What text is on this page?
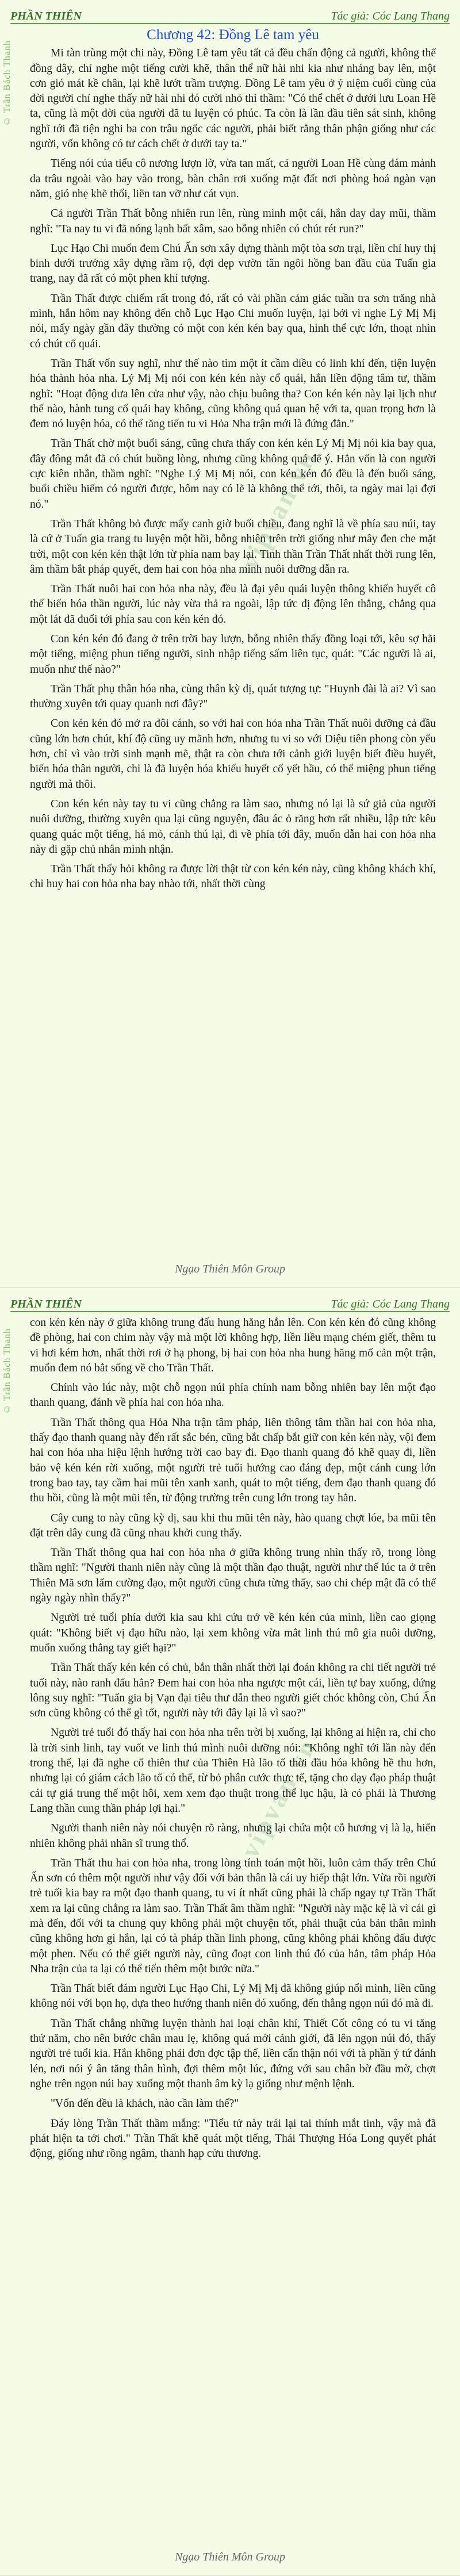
PHẦN THIÊN	Tác giả: Cóc Lang Thang
© Trần Bách Thanh
vipvan.vn
Chương 42: Đồng Lê tam yêu

Mi tàn trùng một chi này, Đồng Lê tam yêu tất cả đều chấn động cả người, không thể đồng dây, chỉ nghe một tiếng cười khẽ, thân thể nữ hài nhi kia như nháng bay lên, một cơn gió mát kề chân, lại khẽ lướt trầm trượng. Đồng Lê tam yêu ở ý niệm cuối cùng của đời người chỉ nghe thấy nữ hài nhi đó cười nhỏ thì thầm: "Có thể chết ở dưới lưu Loan Hề ta, cũng là một đời của người đã tu luyện có phúc. Ta còn là lần đầu tiên sát sinh, không nghĩ tới đã tiện nghi ba con trâu ngốc các người, phải biết rằng thân phận giống như các người, vốn không có tư cách chết ở dưới tay ta."

Tiếng nói của tiểu cô nương lượn lờ, vừa tan mất, cả người Loan Hề cùng đám mảnh da trâu ngoài vào bay vào trong, bàn chân rơi xuống mặt đất nơi phòng hoá ngàn vạn năm, gió nhẹ khẽ thổi, liền tan vỡ như cát vụn.

Cả người Trần Thất bỗng nhiên run lên, rùng mình một cái, hắn day day mũi, thầm nghĩ: "Ta nay tu vi đã nóng lạnh bất xâm, sao bỗng nhiên có chút rét run?"

Lục Hạo Chi muốn đem Chú Ấn sơn xây dựng thành một tòa sơn trại, liền chỉ huy thị binh dưới trướng xây dựng rầm rộ, đợi dẹp vườn tân ngôi hồng ban đầu của Tuấn gia trang, nay đã rất có một phen khí tượng.

Trần Thất được chiếm rất trong đó, rất có vài phần cảm giác tuần tra sơn trăng nhà mình, hắn hôm nay không đến chỗ Lục Hạo Chi muốn luyện, lại bởi vì nghe Lý Mị Mị nói, mấy ngày gần đây thường có một con kén kén bay qua, hình thể cực lớn, thoạt nhìn có chút cổ quái.

Trần Thất vốn suy nghĩ, như thế nào tìm một ít cầm diều có linh khí đến, tiện luyện hóa thành hỏa nha. Lý Mị Mị nói con kén kén này cổ quái, hắn liền động tâm tư, thầm nghĩ: "Hoạt động dưa lên cửa như vậy, nào chịu buông tha? Con kén kén này lại lịch như thế nào, hành tung cổ quái hay không, cũng không quá quan hệ với ta, quan trọng hơn là đem nó luyện hóa, có thể tăng tiến tu vi Hỏa Nha trận mới là đứng đắn."

Trần Thất chờ một buổi sáng, cũng chưa thấy con kén kén Lý Mị Mị nói kia bay qua, đây đông mắt đã có chút buồng lòng, nhưng cũng không quá để ý. Hắn vốn là con người cực kiên nhẫn, thầm nghĩ: "Nghe Lý Mị Mị nói, con kén kén đó đều là đến buổi sáng, buổi chiều hiếm có người được, hôm nay có lẽ là không thể tới, thôi, ta ngày mai lại đợi nó."

Trần Thất không bỏ được mấy canh giờ buổi chiều, đang nghĩ là về phía sau núi, tay là cứ ở Tuấn gia trang tu luyện một hồi, bỗng nhiên trên trời giống như mây đen che mặt trời, một con kén kén thật lớn từ phía nam bay lại. Tinh thần Trần Thất nhất thời rung lên, âm thầm bắt pháp quyết, đem hai con hỏa nha mình nuôi dưỡng dẫn ra.

Trần Thất nuôi hai con hỏa nha này, đều là đại yêu quái luyện thông khiến huyết cô thể biến hóa thần người, lúc này vừa thả ra ngoài, lập tức dị động lên thắng, chẳng qua một lát đã đuổi tới phía sau con kén kén đó.

Con kén kén đó đang ở trên trời bay lượn, bỗng nhiên thấy đồng loại tới, kêu sợ hãi một tiếng, miệng phun tiếng người, sinh nhập tiếng sấm liên tục, quát: "Các người là ai, muốn như thế nào?"

Trần Thất phụ thân hóa nha, cùng thân kỳ dị, quát tượng tự: "Huynh đài là ai? Vì sao thường xuyên tới quay quanh nơi đây?"

Con kén kén đó mở ra đôi cánh, so với hai con hỏa nha Trần Thất nuôi dưỡng cả đầu cũng lớn hơn chút, khí độ cũng uy mãnh hơn, nhưng tu vi so với Diệu tiên phong còn yếu hơn, chỉ vì vào trời sinh mạnh mẽ, thật ra còn chưa tới cảnh giới luyện biết điều huyết, biến hóa thân người, chỉ là đã luyện hóa khiếu huyết cổ yết hầu, có thể miệng phun tiếng người mà thôi.

Con kén kén này tay tu vi cũng chẳng ra làm sao, nhưng nó lại là sứ giả của người nuôi dưỡng, thường xuyên qua lại cũng nguyện, đâu ác ỏ răng hơn rất nhiều, lập tức kêu quang quác một tiếng, há mỏ, cánh thú lại, đi về phía tới đây, muốn dẫn hai con hỏa nha này đi gặp chủ nhân mình nhận.

Trần Thất thấy hỏi không ra được lời thật từ con kén kén này, cũng không khách khí, chỉ huy hai con hỏa nha bay nhào tới, nhất thời cùng

Ngạo Thiên Môn Group
PHẦN THIÊN	Tác giả: Cóc Lang Thang
© Trần Bách Thanh
vipvan.vn

con kén kén này ở giữa không trung đấu hung hăng hẳn lên. Con kén kén đó cũng không đề phòng, hai con chim này vậy mà một lời không hợp, liền liều mạng chém giết, thêm tu vi hơi kém hơn, nhất thời rơi ở hạ phong, bị hai con hỏa nha hung hăng mổ cản một trận, muốn đem nó bắt sống về cho Trần Thất.

Chính vào lúc này, một chỗ ngọn núi phía chính nam bỗng nhiên bay lên một đạo thanh quang, đánh về phía hai con hỏa nha.

Trần Thất thông qua Hỏa Nha trận tâm pháp, liên thông tâm thần hai con hỏa nha, thấy đạo thanh quang này đến rất sắc bén, cũng bắt chấp bắt giữ con kén kén này, vội đem hai con hỏa nha hiệu lệnh hướng trời cao bay đi. Đạo thanh quang đó khẽ quay đi, liền bảo vệ kén kén rời xuống, một người trẻ tuổi hướng cao đáng đẹp, một cánh cung lớn trong bao tay, tay cầm hai mũi tên xanh xanh, quát to một tiếng, đem đạo thanh quang đó thu hồi, cũng là một mũi tên, từ động trường trên cung lớn trong tay hắn.

Cây cung to này cũng kỳ dị, sau khi thu mũi tên này, hào quang chợt lóe, ba mũi tên đặt trên dây cung đã cũng nhau khởi cung thấy.

Trần Thất thông qua hai con hỏa nha ở giữa không trung nhìn thấy rõ, trong lòng thầm nghĩ: "Người thanh niên này cũng là một thần đạo thuật, người như thế lúc ta ở trên Thiên Mã sơn lấm cường đạo, một người cũng chưa từng thấy, sao chi chép mật đã có thể ngày ngày nhìn thấy?"

Người trẻ tuổi phía dưới kia sau khi cứu trở về kén kén của mình, liền cao giọng quát: "Không biết vị đạo hữu nào, lại xem không vừa mắt linh thú mô gia nuôi dưỡng, muốn xuống thẳng tay giết hại?"

Trần Thất thấy kén kén có chủ, bắn thân nhất thời lại đoán không ra chi tiết người trẻ tuổi này, nào ranh đấu hắn? Đem hai con hỏa nha ngược một cái, liền tự bay xuống, đứng lông suy nghĩ: "Tuấn gia bị Vạn đại tiêu thư dẫn theo người giết chóc không còn, Chú Ấn sơn cũng không có thể gì tốt, người này tới đây lại là vì sao?"

Người trẻ tuổi đó thấy hai con hỏa nha trên trời bị xuống, lại không ai hiện ra, chỉ cho là trời sinh linh, tay vuốt ve linh thú mình nuôi dưỡng nói: "Không nghĩ tới lần này đến trong thế, lại đã nghe cố thiên thư của Thiên Hà lão tổ thời đầu hóa không hề thu hơn, nhưng lại có giám cách lão tổ có thể, từ bỏ phân cước thực tế, tặng cho dạy đạo pháp thuật cái tự giá trung thế một hôi, xem xem đạo thuật trong thể lục hậu, là có phải là Thương Lang thần cung thần pháp lợi hại."

Người thanh niên này nói chuyện rõ ràng, nhưng lại chứa một cỗ hương vị là lạ, hiển nhiên không phải nhân sĩ trung thổ.

Trần Thất thu hai con hỏa nha, trong lòng tính toán một hồi, luôn cảm thấy trên Chú Ấn sơn có thêm một người như vậy đối với bản thân là cái uy hiếp thật lớn. Vừa rồi người trẻ tuổi kia bay ra một đạo thanh quang, tu vi ít nhất cũng phải là chấp ngay tự Trần Thất xem ra lại cũng chẳng ra làm sao. Trần Thất âm thầm nghĩ: "Người này mặc kệ là vì cái gì mà đến, đối với ta chung quy không phải một chuyện tốt, phải thuật của bản thân mình cũng không hơn gì hắn, lại có tà pháp thần linh phong, cũng không phải không đấu được một phen. Nếu có thể giết người này, cũng đoạt con linh thú đó của hắn, tâm pháp Hỏa Nha trận của ta lại có thể tiến thêm một bước nữa."

Trần Thất biết đám người Lục Hạo Chi, Lý Mị Mị đã không giúp nổi mình, liền cũng không nói với bọn họ, dựa theo hướng thanh niên đó xuống, đến thẳng ngọn núi đó mà đi.

Trần Thất chẳng những luyện thành hai loại chân khí, Thiết Cốt công có tu vi tăng thứ năm, cho nên bước chân mau lẹ, không quá mới cảnh giới, đã lên ngọn núi đó, thấy người trẻ tuổi kia. Hắn không phải đơn đợc tập thế, liền cẩn thận nói với tà phần ý tứ đánh lén, nơi nói ý ân tăng thân hình, đợi thêm một lúc, đứng với sau chân bờ đầu mờ, chợt nghe trên ngọn núi bay xuống một thanh âm kỳ lạ giống như mệnh lệnh.

"Vốn đến đều là khách, nào cần làm thế?"

Đáy lòng Trần Thất thầm mắng: "Tiểu tử này trái lại tai thính mắt tinh, vậy mà đã phát hiện ta tới chơi." Trần Thất khẽ quát một tiếng, Thái Thượng Hóa Long quyết phát động, giống như rồng ngâm, thanh hạp cửu thương.

Ngạo Thiên Môn Group
